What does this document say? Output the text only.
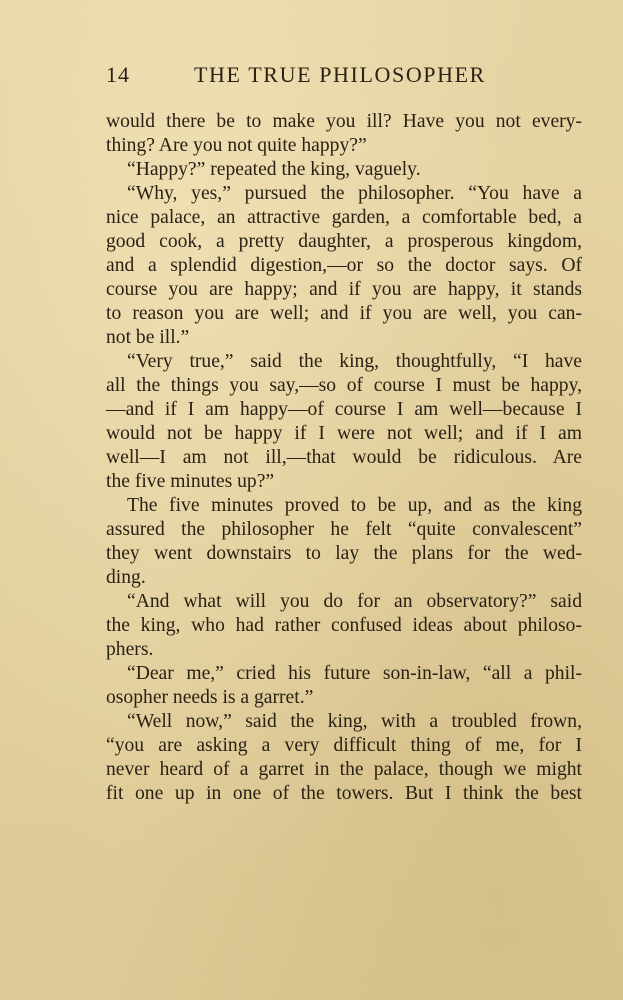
14	THE TRUE PHILOSOPHER
would there be to make you ill? Have you not every-
thing? Are you not quite happy?”
“Happy?” repeated the king, vaguely.
“Why, yes,” pursued the philosopher. “You have a
nice palace, an attractive garden, a comfortable bed, a
good cook, a pretty daughter, a prosperous kingdom,
and a splendid digestion,—or so the doctor says. Of
course you are happy; and if you are happy, it stands
to reason you are well; and if you are well, you can-
not be ill.”
“Very true,” said the king, thoughtfully, “I have
all the things you say,—so of course I must be happy,
—and if I am happy—of course I am well—because I
would not be happy if I were not well; and if I am
well—I am not ill,—that would be ridiculous. Are
the five minutes up?”
The five minutes proved to be up, and as the king
assured the philosopher he felt “quite convalescent”
they went downstairs to lay the plans for the wed-
ding.
“And what will you do for an observatory?” said
the king, who had rather confused ideas about philoso-
phers.
“Dear me,” cried his future son-in-law, “all a phil-
osopher needs is a garret.”
“Well now,” said the king, with a troubled frown,
“you are asking a very difficult thing of me, for I
never heard of a garret in the palace, though we might
fit one up in one of the towers. But I think the best
